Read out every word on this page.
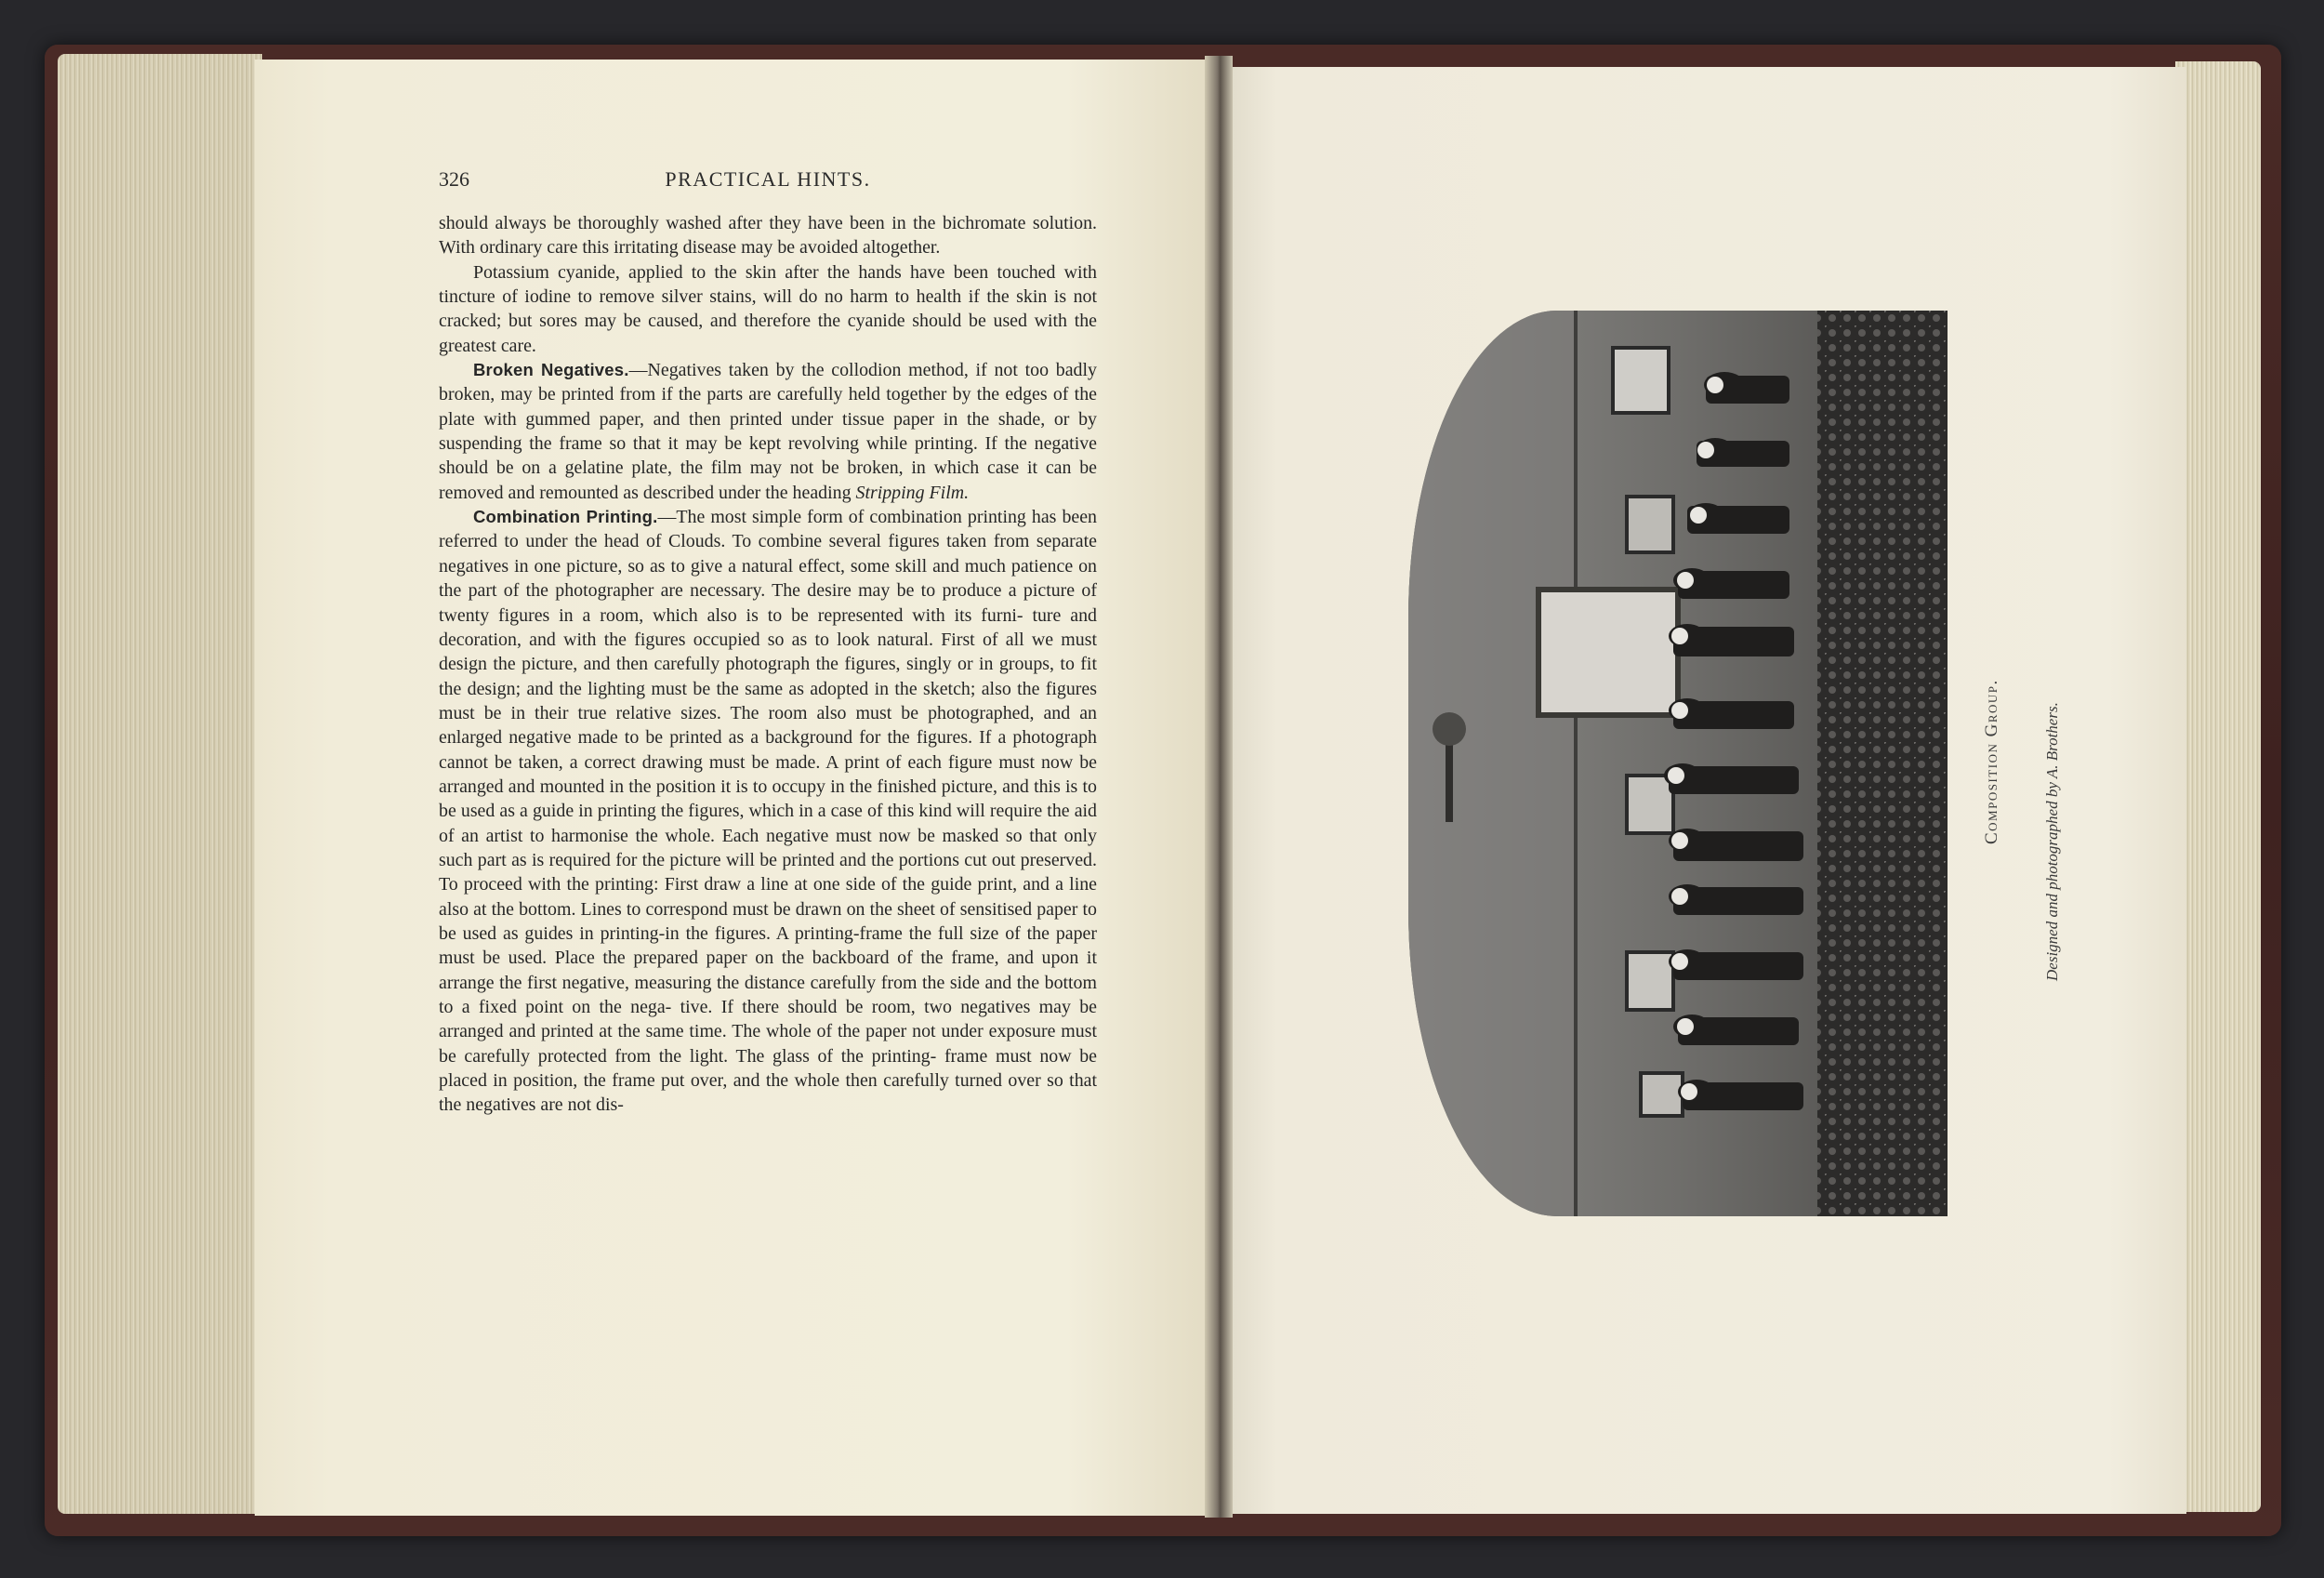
326	PRACTICAL HINTS.

should always be thoroughly washed after they have been in the bichromate solution. With ordinary care this irritating disease may be avoided altogether.

Potassium cyanide, applied to the skin after the hands have been touched with tincture of iodine to remove silver stains, will do no harm to health if the skin is not cracked; but sores may be caused, and therefore the cyanide should be used with the greatest care.

Broken Negatives.—Negatives taken by the collodion method, if not too badly broken, may be printed from if the parts are carefully held together by the edges of the plate with gummed paper, and then printed under tissue paper in the shade, or by suspending the frame so that it may be kept revolving while printing. If the negative should be on a gelatine plate, the film may not be broken, in which case it can be removed and remounted as described under the heading Stripping Film.

Combination Printing.—The most simple form of combination printing has been referred to under the head of Clouds. To combine several figures taken from separate negatives in one picture, so as to give a natural effect, some skill and much patience on the part of the photographer are necessary. The desire may be to produce a picture of twenty figures in a room, which also is to be represented with its furni- ture and decoration, and with the figures occupied so as to look natural. First of all we must design the picture, and then carefully photograph the figures, singly or in groups, to fit the design; and the lighting must be the same as adopted in the sketch; also the figures must be in their true relative sizes. The room also must be photographed, and an enlarged negative made to be printed as a background for the figures. If a photograph cannot be taken, a correct drawing must be made. A print of each figure must now be arranged and mounted in the position it is to occupy in the finished picture, and this is to be used as a guide in printing the figures, which in a case of this kind will require the aid of an artist to harmonise the whole. Each negative must now be masked so that only such part as is required for the picture will be printed and the portions cut out preserved. To proceed with the printing: First draw a line at one side of the guide print, and a line also at the bottom. Lines to correspond must be drawn on the sheet of sensitised paper to be used as guides in printing-in the figures. A printing-frame the full size of the paper must be used. Place the prepared paper on the backboard of the frame, and upon it arrange the first negative, measuring the distance carefully from the side and the bottom to a fixed point on the nega- tive. If there should be room, two negatives may be arranged and printed at the same time. The whole of the paper not under exposure must be carefully protected from the light. The glass of the printing- frame must now be placed in position, the frame put over, and the whole then carefully turned over so that the negatives are not dis-

Composition Group.	Designed and photographed by A. Brothers.
